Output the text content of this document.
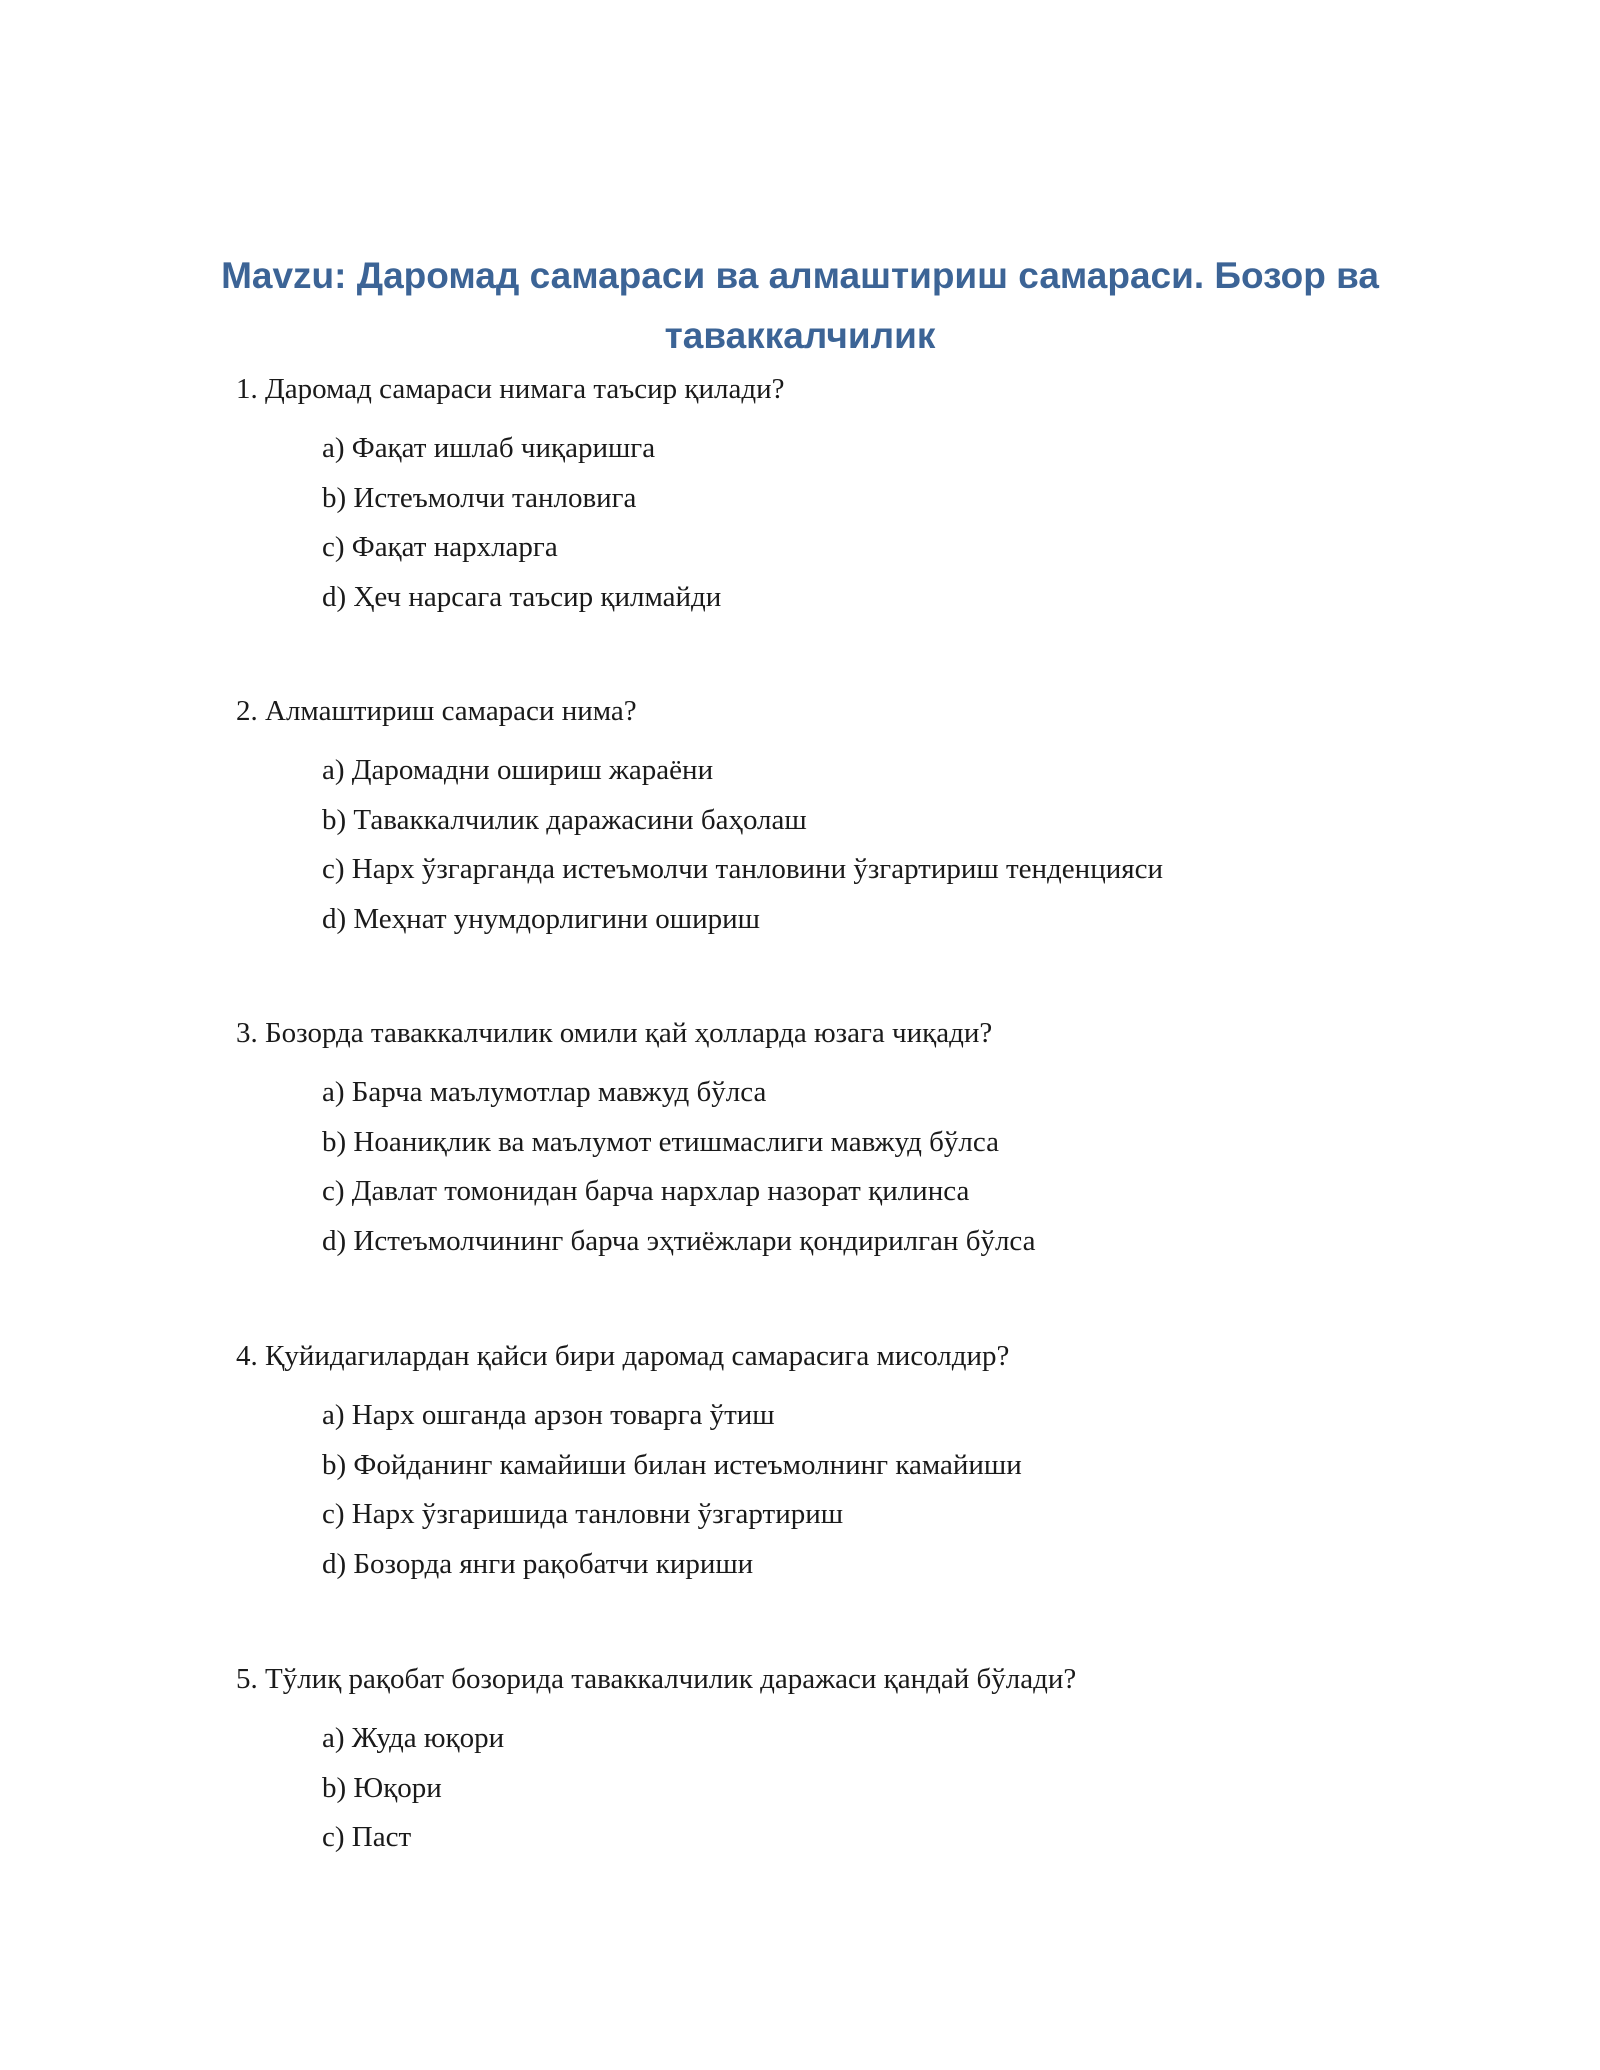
Mavzu: Даромад самараси ва алмаштириш самараси. Бозор ва таваккалчилик

1. Даромад самараси нимага таъсир қилади?

a) Фақат ишлаб чиқаришга
b) Истеъмолчи танловига
c) Фақат нархларга
d) Ҳеч нарсага таъсир қилмайди

2. Алмаштириш самараси нима?

a) Даромадни ошириш жараёни
b) Таваккалчилик даражасини баҳолаш
c) Нарх ўзгарганда истеъмолчи танловини ўзгартириш тенденцияси
d) Меҳнат унумдорлигини ошириш

3. Бозорда таваккалчилик омили қай ҳолларда юзага чиқади?

a) Барча маълумотлар мавжуд бўлса
b) Ноаниқлик ва маълумот етишмаслиги мавжуд бўлса
c) Давлат томонидан барча нархлар назорат қилинса
d) Истеъмолчининг барча эҳтиёжлари қондирилган бўлса

4. Қуйидагилардан қайси бири даромад самарасига мисолдир?

a) Нарх ошганда арзон товарга ўтиш
b) Фойданинг камайиши билан истеъмолнинг камайиши
c) Нарх ўзгаришида танловни ўзгартириш
d) Бозорда янги рақобатчи кириши

5. Тўлиқ рақобат бозорида таваккалчилик даражаси қандай бўлади?

a) Жуда юқори
b) Юқори
c) Паст
